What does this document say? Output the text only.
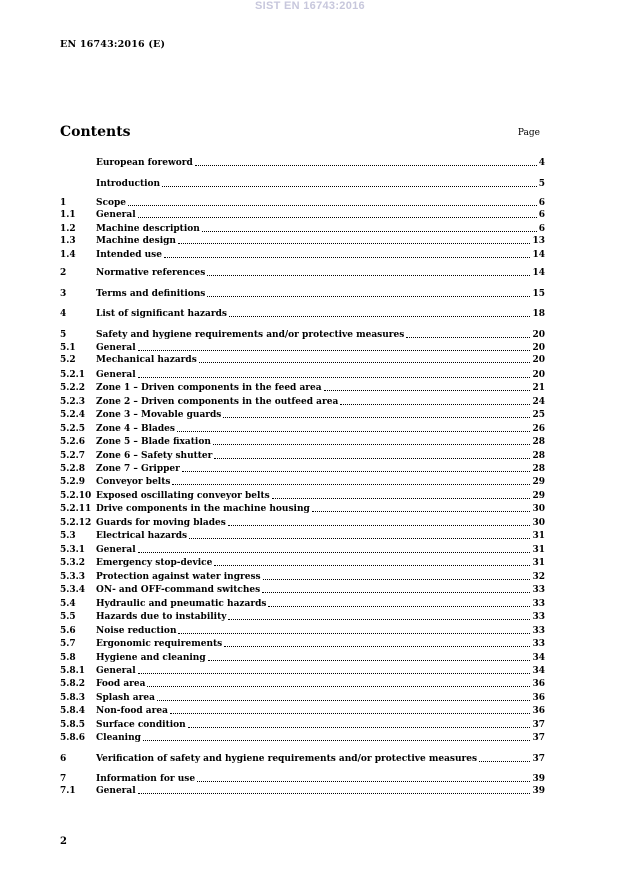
SIST EN 16743:2016
EN 16743:2016 (E)
Contents	Page
European foreword	4
Introduction	5
1	Scope	6
1.1	General	6
1.2	Machine description	6
1.3	Machine design	13
1.4	Intended use	14
2	Normative references	14
3	Terms and definitions	15
4	List of significant hazards	18
5	Safety and hygiene requirements and/or protective measures	20
5.1	General	20
5.2	Mechanical hazards	20
5.2.1	General	20
5.2.2	Zone 1 – Driven components in the feed area	21
5.2.3	Zone 2 – Driven components in the outfeed area	24
5.2.4	Zone 3 – Movable guards	25
5.2.5	Zone 4 – Blades	26
5.2.6	Zone 5 – Blade fixation	28
5.2.7	Zone 6 – Safety shutter	28
5.2.8	Zone 7 – Gripper	28
5.2.9	Conveyor belts	29
5.2.10 Exposed oscillating conveyor belts	29
5.2.11 Drive components in the machine housing	30
5.2.12 Guards for moving blades	30
5.3	Electrical hazards	31
5.3.1	General	31
5.3.2	Emergency stop-device	31
5.3.3	Protection against water ingress	32
5.3.4	ON- and OFF-command switches	33
5.4	Hydraulic and pneumatic hazards	33
5.5	Hazards due to instability	33
5.6	Noise reduction	33
5.7	Ergonomic requirements	33
5.8	Hygiene and cleaning	34
5.8.1	General	34
5.8.2	Food area	36
5.8.3	Splash area	36
5.8.4	Non-food area	36
5.8.5	Surface condition	37
5.8.6	Cleaning	37
6	Verification of safety and hygiene requirements and/or protective measures	37
7	Information for use	39
7.1	General	39
2
